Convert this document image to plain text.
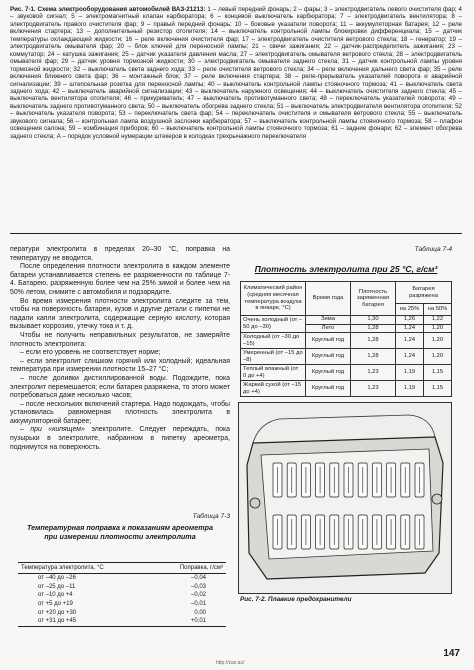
Рис. 7-1. Схема электрооборудования автомобилей ВАЗ-21213: 1 – левый передний фонарь; 2 – фары; 3 – электродвигатель левого очистителя фар; 4 – звуковой сигнал; 5 – электромагнитный клапан карбюратора; 6 – концевой выключатель карбюратора; 7 – электродвигатель вентилятора; 8 – электродвигатель правого очистителя фар; 9 – правый передний фонарь; 10 – боковые указатели поворота; 11 – аккумуляторная батарея; 12 – реле включения стартера; 13 – дополнительный резистор отопителя; 14 – выключатель контрольной лампы блокировки дифференциала; 15 – датчик температуры охлаждающей жидкости; 16 – реле включения очистителя фар; 17 – электродвигатель очистителя ветрового стекла; 18 – генератор; 19 – электродвигатель омывателя фар; 20 – блок ключей для переносной лампы; 21 – свечи зажигания; 22 – датчик-распределитель зажигания; 23 – коммутатор; 24 – катушка зажигания; 25 – датчик указателя давления масла; 27 – электродвигатель омывателя ветрового стекла; 28 – электродвигатель омывателя фар; 29 – датчик уровня тормозной жидкости; 30 – электродвигатель омывателя заднего стекла; 31 – датчик контрольной лампы уровня тормозной жидкости; 32 – выключатель света заднего хода; 33 – реле очистителя ветрового стекла; 34 – реле включения дальнего света фар; 35 – реле включения ближнего света фар; 36 – монтажный блок; 37 – реле включения стартера; 38 – реле-прерыватель указателей поворота и аварийной сигнализации; 39 – штепсельная розетка для переносной лампы; 40 – выключатель контрольной лампы стояночного тормоза; 41 – выключатель света заднего хода; 42 – выключатель аварийной сигнализации; 43 – выключатель наружного освещения; 44 – выключатель очистителя заднего стекла; 45 – выключатель вентилятора отопителя; 46 – прикуриватель; 47 – выключатель противотуманного света; 48 – переключатель указателей поворота; 49 – выключатель заднего противотуманного света; 50 – выключатель обогрева заднего стекла; 51 – выключатель электродвигателя вентилятора отопителя; 52 – выключатель указателя поворота; 53 – переключатель света фар; 54 – переключатель очистителя и омывателя ветрового стекла; 55 – выключатель звукового сигнала; 56 – контрольная лампа воздушной заслонки карбюратора; 57 – выключатель контрольной лампы стояночного тормоза; 58 – плафон освещения салона; 59 – комбинация приборов; 60 – выключатель контрольной лампы стояночного тормоза; 61 – задние фонари; 62 – элемент обогрева заднего стекла; А – порядок условной нумерации штекеров в колодках трехрычажного переключателя

ператури электролита в пределах 20–30 °С, поправка на температуру не вводится.

После определения плотности электролита в каждом элементе батареи устанавливается степень ее разряженности по таблице 7-4. Батарею, разряженную более чем на 25% зимой и более чем на 50% летом, снимите с автомобиля и подзарядите.

Во время измерения плотности электролита следите за тем, чтобы на поверхность батареи, кузов и другие детали с пипетки не падали капли электролита, содержащие серную кислоту, которая вызывает коррозию, утечку тока и т. д.

Чтобы не получить неправильных результатов, не замеряйте плотность электролита:

– если его уровень не соответствует норме;

– если электролит слишком горячий или холодный; идеальная температура при измерении плотности 15–27 °С;

– после доливки дистиллированной воды. Подождите, пока электролит перемешается; если батарея разряжена, то этого может потребоваться даже несколько часов;

– после нескольких включений стартера. Надо подождать, чтобы установилась равномерная плотность электролита в аккумуляторной батарее;

– при «кипящем» электролите. Следует переждать, пока пузырьки в электролите, набранном в пипетку ареометра, поднимутся на поверхность.

Таблица 7-3
Температурная поправка к показаниям ареометра при измерении плотности электролита
Температура электролита, °С	Поправка, г/см³
от –40 до –26	–0,04
от –25 до –11	–0,03
от –10 до +4	–0,02
от +5 до +19	–0,01
от +20 до +30	0,00
от +31 до +45	+0,01
Таблица 7-4
Плотность электролита при 25 °С, г/см³
Климатический район (средняя месячная температура воздуха в январе, °С)	Время года	Плотность заряженная батарея	Батарея разряжена	
			на 25%	на 50%
Очень холодный (от –50 до –30)	Зима	1,30	1,26	1,22
	Лето	1,28	1,24	1,20
Холодный (от –30 до –15)	Круглый год	1,28	1,24	1,20
Умеренный (от –15 до –8)	Круглый год	1,28	1,24	1,20
Теплый влажный (от 0 до +4)	Круглый год	1,23	1,19	1,15
Жаркий сухой (от –15 до +4)	Круглый год	1,23	1,19	1,15
Рис. 7-2. Плавкие предохранители
147
http://zax.ac/
